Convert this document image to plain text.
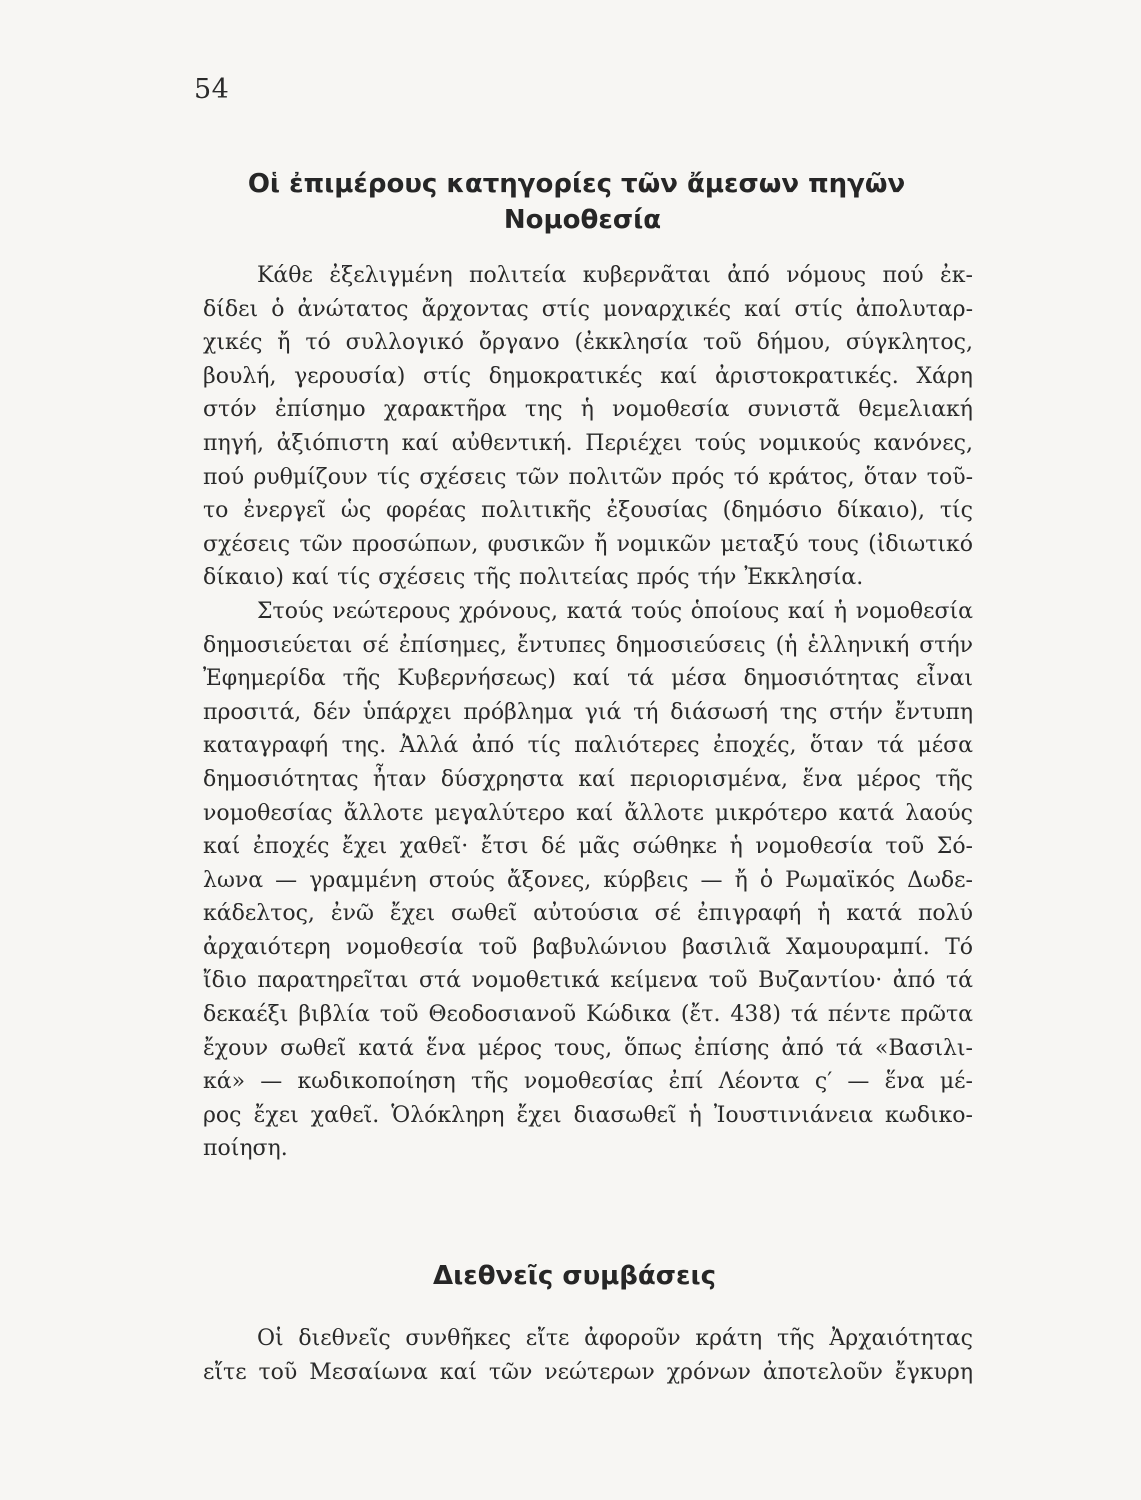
54
Οἱ ἐπιμέρους κατηγορίες τῶν ἄμεσων πηγῶν
Νομοθεσία
Κάθε ἐξελιγμένη πολιτεία κυβερνᾶται ἀπό νόμους πού ἐκ-
δίδει ὁ ἀνώτατος ἄρχοντας στίς μοναρχικές καί στίς ἀπολυταρ-
χικές ἤ τό συλλογικό ὄργανο (ἐκκλησία τοῦ δήμου, σύγκλητος,
βουλή, γερουσία) στίς δημοκρατικές καί ἀριστοκρατικές. Χάρη
στόν ἐπίσημο χαρακτῆρα της ἡ νομοθεσία συνιστᾶ θεμελιακή
πηγή, ἀξιόπιστη καί αὐθεντική. Περιέχει τούς νομικούς κανόνες,
πού ρυθμίζουν τίς σχέσεις τῶν πολιτῶν πρός τό κράτος, ὅταν τοῦ-
το ἐνεργεῖ ὡς φορέας πολιτικῆς ἐξουσίας (δημόσιο δίκαιο), τίς
σχέσεις τῶν προσώπων, φυσικῶν ἤ νομικῶν μεταξύ τους (ἰδιωτικό
δίκαιο) καί τίς σχέσεις τῆς πολιτείας πρός τήν Ἐκκλησία.
Στούς νεώτερους χρόνους, κατά τούς ὁποίους καί ἡ νομοθεσία
δημοσιεύεται σέ ἐπίσημες, ἔντυπες δημοσιεύσεις (ἡ ἑλληνική στήν
Ἐφημερίδα τῆς Κυβερνήσεως) καί τά μέσα δημοσιότητας εἶναι
προσιτά, δέν ὑπάρχει πρόβλημα γιά τή διάσωσή της στήν ἔντυπη
καταγραφή της. Ἀλλά ἀπό τίς παλιότερες ἐποχές, ὅταν τά μέσα
δημοσιότητας ἦταν δύσχρηστα καί περιορισμένα, ἕνα μέρος τῆς
νομοθεσίας ἄλλοτε μεγαλύτερο καί ἄλλοτε μικρότερο κατά λαούς
καί ἐποχές ἔχει χαθεῖ· ἔτσι δέ μᾶς σώθηκε ἡ νομοθεσία τοῦ Σό-
λωνα — γραμμένη στούς ἄξονες, κύρβεις — ἤ ὁ Ρωμαϊκός Δωδε-
κάδελτος, ἐνῶ ἔχει σωθεῖ αὐτούσια σέ ἐπιγραφή ἡ κατά πολύ
ἀρχαιότερη νομοθεσία τοῦ βαβυλώνιου βασιλιᾶ Χαμουραμπί. Τό
ἴδιο παρατηρεῖται στά νομοθετικά κείμενα τοῦ Βυζαντίου· ἀπό τά
δεκαέξι βιβλία τοῦ Θεοδοσιανοῦ Κώδικα (ἔτ. 438) τά πέντε πρῶτα
ἔχουν σωθεῖ κατά ἕνα μέρος τους, ὅπως ἐπίσης ἀπό τά «Βασιλι-
κά» — κωδικοποίηση τῆς νομοθεσίας ἐπί Λέοντα ς′ — ἕνα μέ-
ρος ἔχει χαθεῖ. Ὁλόκληρη ἔχει διασωθεῖ ἡ Ἰουστινιάνεια κωδικο-
ποίηση.
Διεθνεῖς συμβάσεις
Οἱ διεθνεῖς συνθῆκες εἴτε ἀφοροῦν κράτη τῆς Ἀρχαιότητας
εἴτε τοῦ Μεσαίωνα καί τῶν νεώτερων χρόνων ἀποτελοῦν ἔγκυρη
